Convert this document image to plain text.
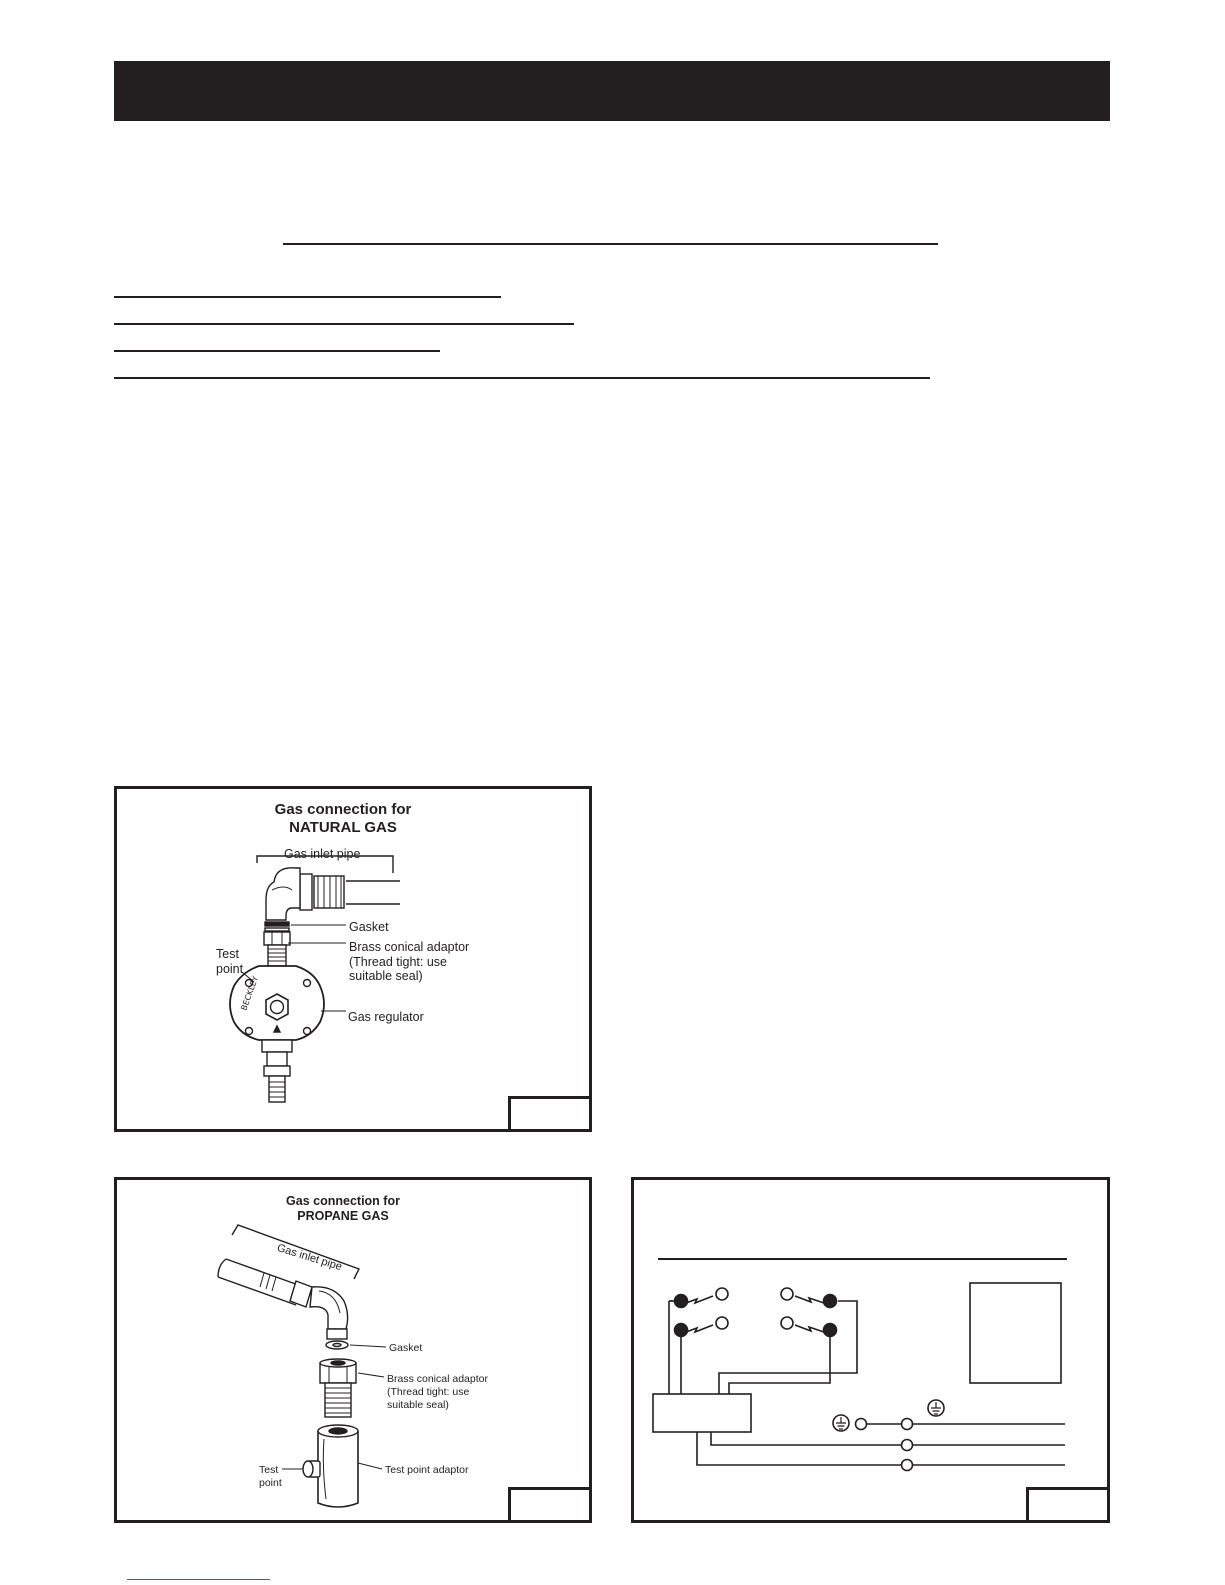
Gas connection for
NATURAL GAS
Gas inlet pipe
Gasket
Brass conical adaptor
(Thread tight: use
suitable seal)
Test
point
Gas regulator
BECKLEY
Gas connection for
PROPANE GAS
Gas inlet pipe
Gasket
Brass conical adaptor
(Thread tight: use
suitable seal)
Test
point
Test point adaptor
